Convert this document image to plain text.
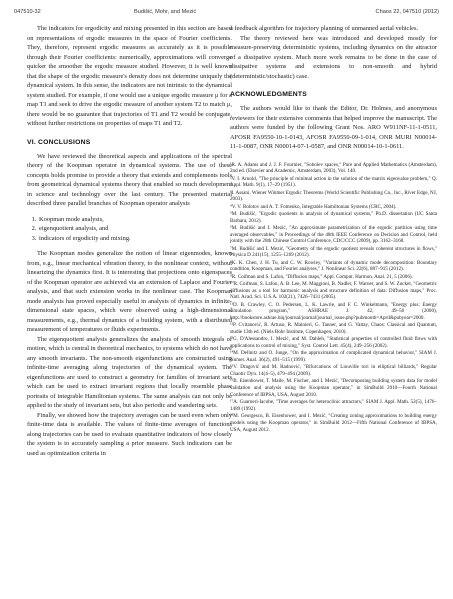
047510-32	Budišić, Mohr, and Mezić	Chaos 22, 047510 (2012)

The indicators for ergodicity and mixing presented in this section are based on representations of ergodic measures in the space of Fourier coefficients. They, therefore, represent ergodic measures as accurately as it is possible through their Fourier coefficients: numerically, approximations will converge quicker the smoother the ergodic measure studied. However, it is well known that the shape of the ergodic measure's density does not determine uniquely the dynamical system. In this sense, the indicators are not intrinsic to the dynamical system studied. For example, if one would use a unique ergodic measure μ for a map T1 and seek to drive the ergodic measure of another system T2 to match μ, there would be no guarantee that trajectories of T1 and T2 would be conjugate, without further restrictions on properties of maps T1 and T2.

VI. CONCLUSIONS

We have reviewed the theoretical aspects and applications of the spectral theory of the Koopman operator in dynamical systems. The use of these concepts holds promise to provide a theory that extends and complements tools from geometrical dynamical systems theory that enabled so much development in science and technology over the last century. The presented material described three parallel branches of Koopman operator analysis

1. Koopman mode analysis,
2. eigenquotient analysis, and
3. indicators of ergodicity and mixing.

The Koopman modes generalize the notion of linear eigenmodes, known from, e.g., linear mechanical vibration theory, to the nonlinear context, without linearizing the dynamics first. It is interesting that projections onto eigenspaces of the Koopman operator are achieved via an extension of Laplace and Fourier analysis, and that such extension works in the nonlinear case. The Koopman mode analysis has proved especially useful in analysis of dynamics in infinite-dimensional state spaces, which were observed using a high-dimensional measurements, e.g., thermal dynamics of a building system, with a distributed measurement of temperatures or fluids experiments.

The eigenquotient analysis generalizes the analysis of smooth integrals of motion, which is central in theoretical mechanics, to systems which do not have any smooth invariants. The non-smooth eigenfunctions are constructed using infinite-time averaging along trajectories of the dynamical system. The eigenfunctions are used to construct a geometry for families of invariant sets which can be used to extract invariant regions that locally resemble phase portraits of integrable Hamiltonian systems. The same analysis can not only be applied to the study of invariant sets, but also periodic and wandering sets.

Finally, we showed how the trajectory averages can be used even when only finite-time data is available. The values of finite-time averages of functions along trajectories can be used to evaluate quantitative indicators of how closely the system is to accurately sampling a prior measure. Such indicators can be used as optimization criteria in

a feedback algorithm for trajectory planning of unmanned aerial vehicles.

The theory reviewed here was introduced and developed mostly for measure-preserving deterministic systems, including dynamics on the attractor of a dissipative system. Much more work remains to be done in the case of dissipative systems and extensions to non-smooth and hybrid (deterministic/stochastic) case.

ACKNOWLEDGMENTS

The authors would like to thank the Editor, Dr. Holmes, and anonymous reviewers for their extensive comments that helped improve the manuscript. The authors were funded by the following Grant Nos. ARO W911NF-11-1-0511, AFOSR FA9550-10-1-0143, AFOSR FA9550-09-1-014, ONR MURI N00014-11-1-0087, ONR N00014-07-1-0587, and ONR N00014-10-1-0611.

¹R. A. Adams and J. J. F. Fournier, "Sobolev spaces," Pure and Applied Mathematics (Amsterdam), 2nd ed. (Elsevier and Academic, Amsterdam, 2003), Vol. 140.
²V. I. Arnold, "The principle of minimal action in the solution of the matrix eigenvalue problem," Q. Appl. Math. 9(1), 17–29 (1951).
³I. Assani, Wiener Wintner Ergodic Theorems (World Scientific Publishing Co., Inc., River Edge, NJ, 2003).
⁴V. V. Bolotov and A. T. Fomenko, Integrable Hamiltonian Systems (CRC, 2004).
⁵M. Budišić, "Ergodic quotients in analysis of dynamical systems," Ph.D. dissertation (UC Santa Barbara, 2012).
⁶M. Budišić and I. Mezić, "An approximate parametrization of the ergodic partition using time averaged observables," in Proceedings of the 48th IEEE Conference on Decision and Control, held jointly with the 28th Chinese Control Conference, CDC/CCC (2009), pp. 3162–3168.
⁷M. Budišić and I. Mezić, "Geometry of the ergodic quotient reveals coherent structures in flows," Physica D 241(15), 1255–1269 (2012).
⁸K. K. Chen, J. H. Tu, and C. W. Rowley, "Variants of dynamic mode decomposition: Boundary condition, Koopman, and Fourier analyses," J. Nonlinear Sci. 22(6), 887–915 (2012).
⁹R. Coifman and S. Lafon, "Diffusion maps," Appl. Comput. Harmon. Anal. 21, 5 (2006).
¹⁰R. Coifman, S. Lafon, A. B. Lee, M. Maggioni, B. Nadler, F. Warner, and S. W. Zucker, "Geometric diffusions as a tool for harmonic analysis and structure definition of data: Diffusion maps," Proc. Natl. Acad. Sci. U.S.A. 102(21), 7426–7431 (2005).
¹¹D. B. Crawley, C. O. Pedersen, L. K. Lawrie, and F. C. Winkelmann, "Energy plus: Energy simulation program," ASHRAE J. 42, 49–56 (2000), http://bookstore.ashrae.biq/journal/journal/journal_issue.php?pubmonth=April&pubyear=2000.
¹²P. Cvitanović, R. Artuso, R. Mainieri, G. Tanner, and G. Vattay, Chaos: Classical and Quantum, studie 13th ed. (Niels Bohr Institute, Copenhagen, 2010).
¹³G. D'Alessandro, I. Mezić, and M. Dahleh, "Statistical properties of controlled fluid flows with applications to control of mixing," Syst. Control Lett. 45(4), 249–256 (2002).
¹⁴M. Dellnitz and O. Junge, "On the approximation of complicated dynamical behavior," SIAM J. Numer. Anal. 36(2), 491–515 (1999).
¹⁵V. Dragović and M. Radnović, "Bifurcations of Liouville tori in elliptical billiards," Regular Chaotic Dyn. 14(4–5), 479–494 (2009).
¹⁶B. Eisenhower, T. Maile, M. Fischer, and I. Mezić, "Decomposing building system data for model validation and analysis using the Koopman operator," in SimBuild 2010—Fourth National Conference of IBPSA, USA, August 2010.
¹⁷A. Guarneri-Iacobe, "Time averages for heteroclinic attractors," SIAM J. Appl. Math. 52(5), 1476–1489 (1992).
¹⁸M. Georgescu, B. Eisenhower, and I. Mezić, "Creating zoning approximations to building energy models using the Koopman operator," in SimBuild 2012—Fifth National Conference of IBPSA, USA, August 2012.
